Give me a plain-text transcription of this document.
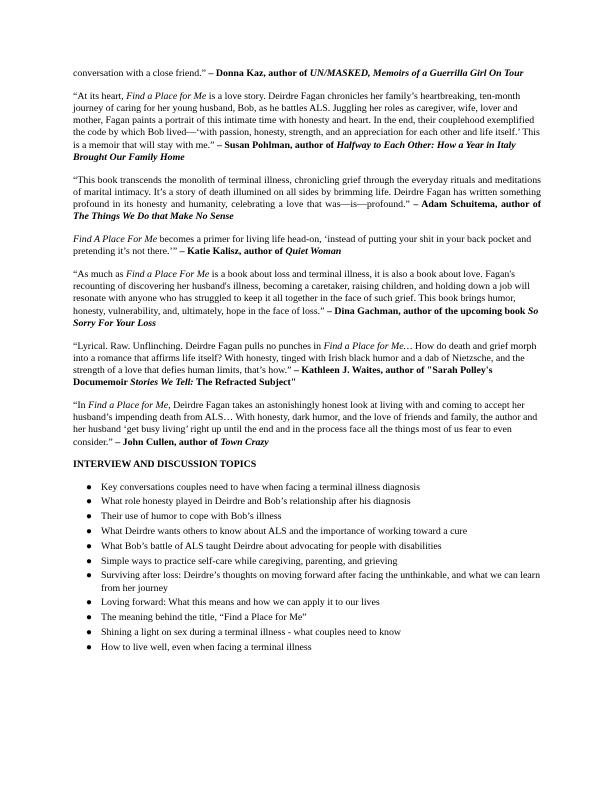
conversation with a close friend.” – Donna Kaz, author of UN/MASKED, Memoirs of a Guerrilla Girl On Tour

“At its heart, Find a Place for Me is a love story. Deirdre Fagan chronicles her family’s heartbreaking, ten-month journey of caring for her young husband, Bob, as he battles ALS. Juggling her roles as caregiver, wife, lover and mother, Fagan paints a portrait of this intimate time with honesty and heart. In the end, their couplehood exemplified the code by which Bob lived—‘with passion, honesty, strength, and an appreciation for each other and life itself.’ This is a memoir that will stay with me.” – Susan Pohlman, author of Halfway to Each Other: How a Year in Italy Brought Our Family Home

“This book transcends the monolith of terminal illness, chronicling grief through the everyday rituals and meditations of marital intimacy. It’s a story of death illumined on all sides by brimming life. Deirdre Fagan has written something profound in its honesty and humanity, celebrating a love that was—is—profound.” – Adam Schuitema, author of The Things We Do that Make No Sense

Find A Place For Me becomes a primer for living life head-on, ‘instead of putting your shit in your back pocket and pretending it’s not there.’” – Katie Kalisz, author of Quiet Woman

“As much as Find a Place For Me is a book about loss and terminal illness, it is also a book about love. Fagan's recounting of discovering her husband's illness, becoming a caretaker, raising children, and holding down a job will resonate with anyone who has struggled to keep it all together in the face of such grief. This book brings humor, honesty, vulnerability, and, ultimately, hope in the face of loss.” – Dina Gachman, author of the upcoming book So Sorry For Your Loss

“Lyrical. Raw. Unflinching. Deirdre Fagan pulls no punches in Find a Place for Me… How do death and grief morph into a romance that affirms life itself? With honesty, tinged with Irish black humor and a dab of Nietzsche, and the strength of a love that defies human limits, that’s how.” – Kathleen J. Waites, author of "Sarah Polley's Documemoir Stories We Tell: The Refracted Subject"

“In Find a Place for Me, Deirdre Fagan takes an astonishingly honest look at living with and coming to accept her husband’s impending death from ALS… With honesty, dark humor, and the love of friends and family, the author and her husband ‘get busy living’ right up until the end and in the process face all the things most of us fear to even consider.” – John Cullen, author of Town Crazy

INTERVIEW AND DISCUSSION TOPICS
● Key conversations couples need to have when facing a terminal illness diagnosis
● What role honesty played in Deirdre and Bob’s relationship after his diagnosis
● Their use of humor to cope with Bob’s illness
● What Deirdre wants others to know about ALS and the importance of working toward a cure
● What Bob’s battle of ALS taught Deirdre about advocating for people with disabilities
● Simple ways to practice self-care while caregiving, parenting, and grieving
● Surviving after loss: Deirdre’s thoughts on moving forward after facing the unthinkable, and what we can learn from her journey
● Loving forward: What this means and how we can apply it to our lives
● The meaning behind the title, “Find a Place for Me”
● Shining a light on sex during a terminal illness - what couples need to know
● How to live well, even when facing a terminal illness
